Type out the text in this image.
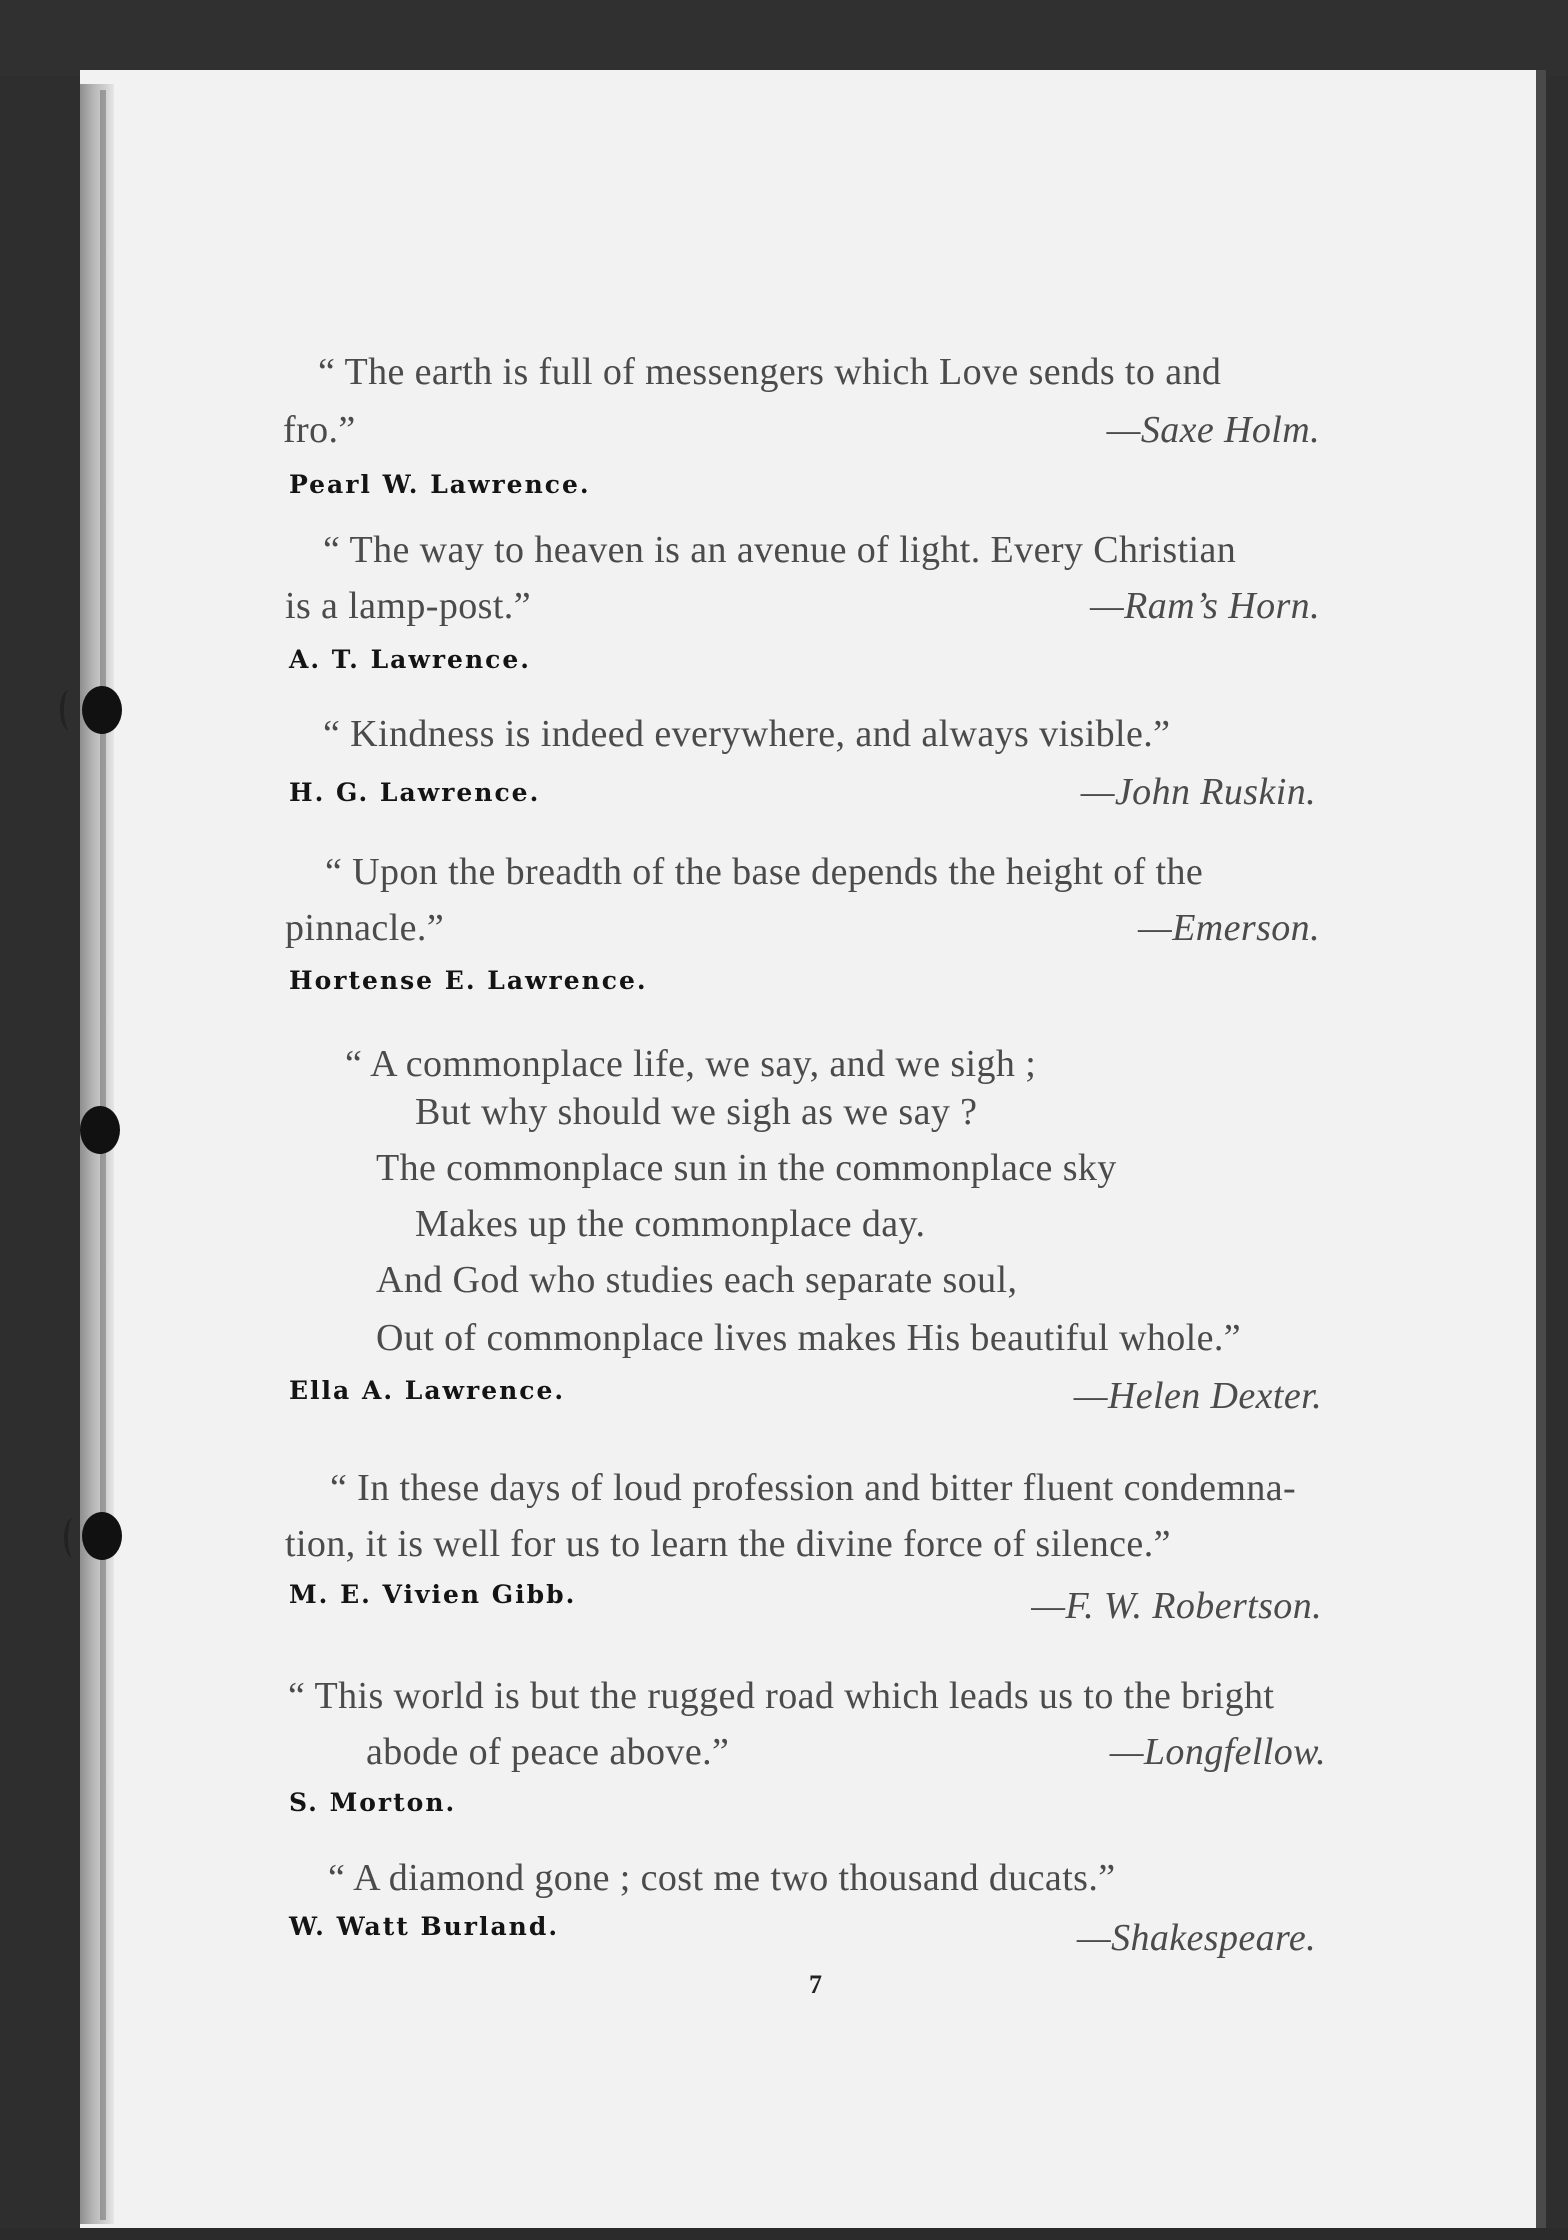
“ The earth is full of messengers which Love sends to and
fro.”	—Saxe Holm.
Pearl W. Lawrence.
“ The way to heaven is an avenue of light. Every Christian
is a lamp-post.”	—Ram’s Horn.
A. T. Lawrence.
“ Kindness is indeed everywhere, and always visible.”
—John Ruskin.
H. G. Lawrence.
“ Upon the breadth of the base depends the height of the
pinnacle.”	—Emerson.
Hortense E. Lawrence.
“ A commonplace life, we say, and we sigh ;
But why should we sigh as we say ?
The commonplace sun in the commonplace sky
Makes up the commonplace day.
And God who studies each separate soul,
Out of commonplace lives makes His beautiful whole.”
—Helen Dexter.
Ella A. Lawrence.
“ In these days of loud profession and bitter fluent condemna-
tion, it is well for us to learn the divine force of silence.”
—F. W. Robertson.
M. E. Vivien Gibb.
“ This world is but the rugged road which leads us to the bright
abode of peace above.”	—Longfellow.
S. Morton.
“ A diamond gone ; cost me two thousand ducats.”
—Shakespeare.
W. Watt Burland.
7
